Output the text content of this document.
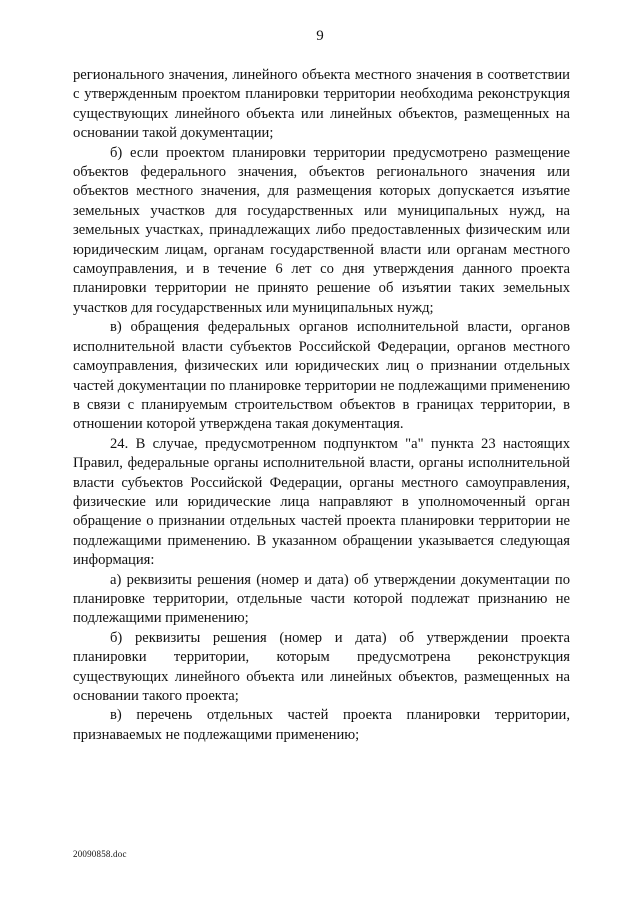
9

регионального значения, линейного объекта местного значения в соответствии с утвержденным проектом планировки территории необходима реконструкция существующих линейного объекта или линейных объектов, размещенных на основании такой документации;

б) если проектом планировки территории предусмотрено размещение объектов федерального значения, объектов регионального значения или объектов местного значения, для размещения которых допускается изъятие земельных участков для государственных или муниципальных нужд, на земельных участках, принадлежащих либо предоставленных физическим или юридическим лицам, органам государственной власти или органам местного самоуправления, и в течение 6 лет со дня утверждения данного проекта планировки территории не принято решение об изъятии таких земельных участков для государственных или муниципальных нужд;

в) обращения федеральных органов исполнительной власти, органов исполнительной власти субъектов Российской Федерации, органов местного самоуправления, физических или юридических лиц о признании отдельных частей документации по планировке территории не подлежащими применению в связи с планируемым строительством объектов в границах территории, в отношении которой утверждена такая документация.

24. В случае, предусмотренном подпунктом "а" пункта 23 настоящих Правил, федеральные органы исполнительной власти, органы исполнительной власти субъектов Российской Федерации, органы местного самоуправления, физические или юридические лица направляют в уполномоченный орган обращение о признании отдельных частей проекта планировки территории не подлежащими применению. В указанном обращении указывается следующая информация:

а) реквизиты решения (номер и дата) об утверждении документации по планировке территории, отдельные части которой подлежат признанию не подлежащими применению;

б) реквизиты решения (номер и дата) об утверждении проекта планировки территории, которым предусмотрена реконструкция существующих линейного объекта или линейных объектов, размещенных на основании такого проекта;

в) перечень отдельных частей проекта планировки территории, признаваемых не подлежащими применению;

20090858.doc
